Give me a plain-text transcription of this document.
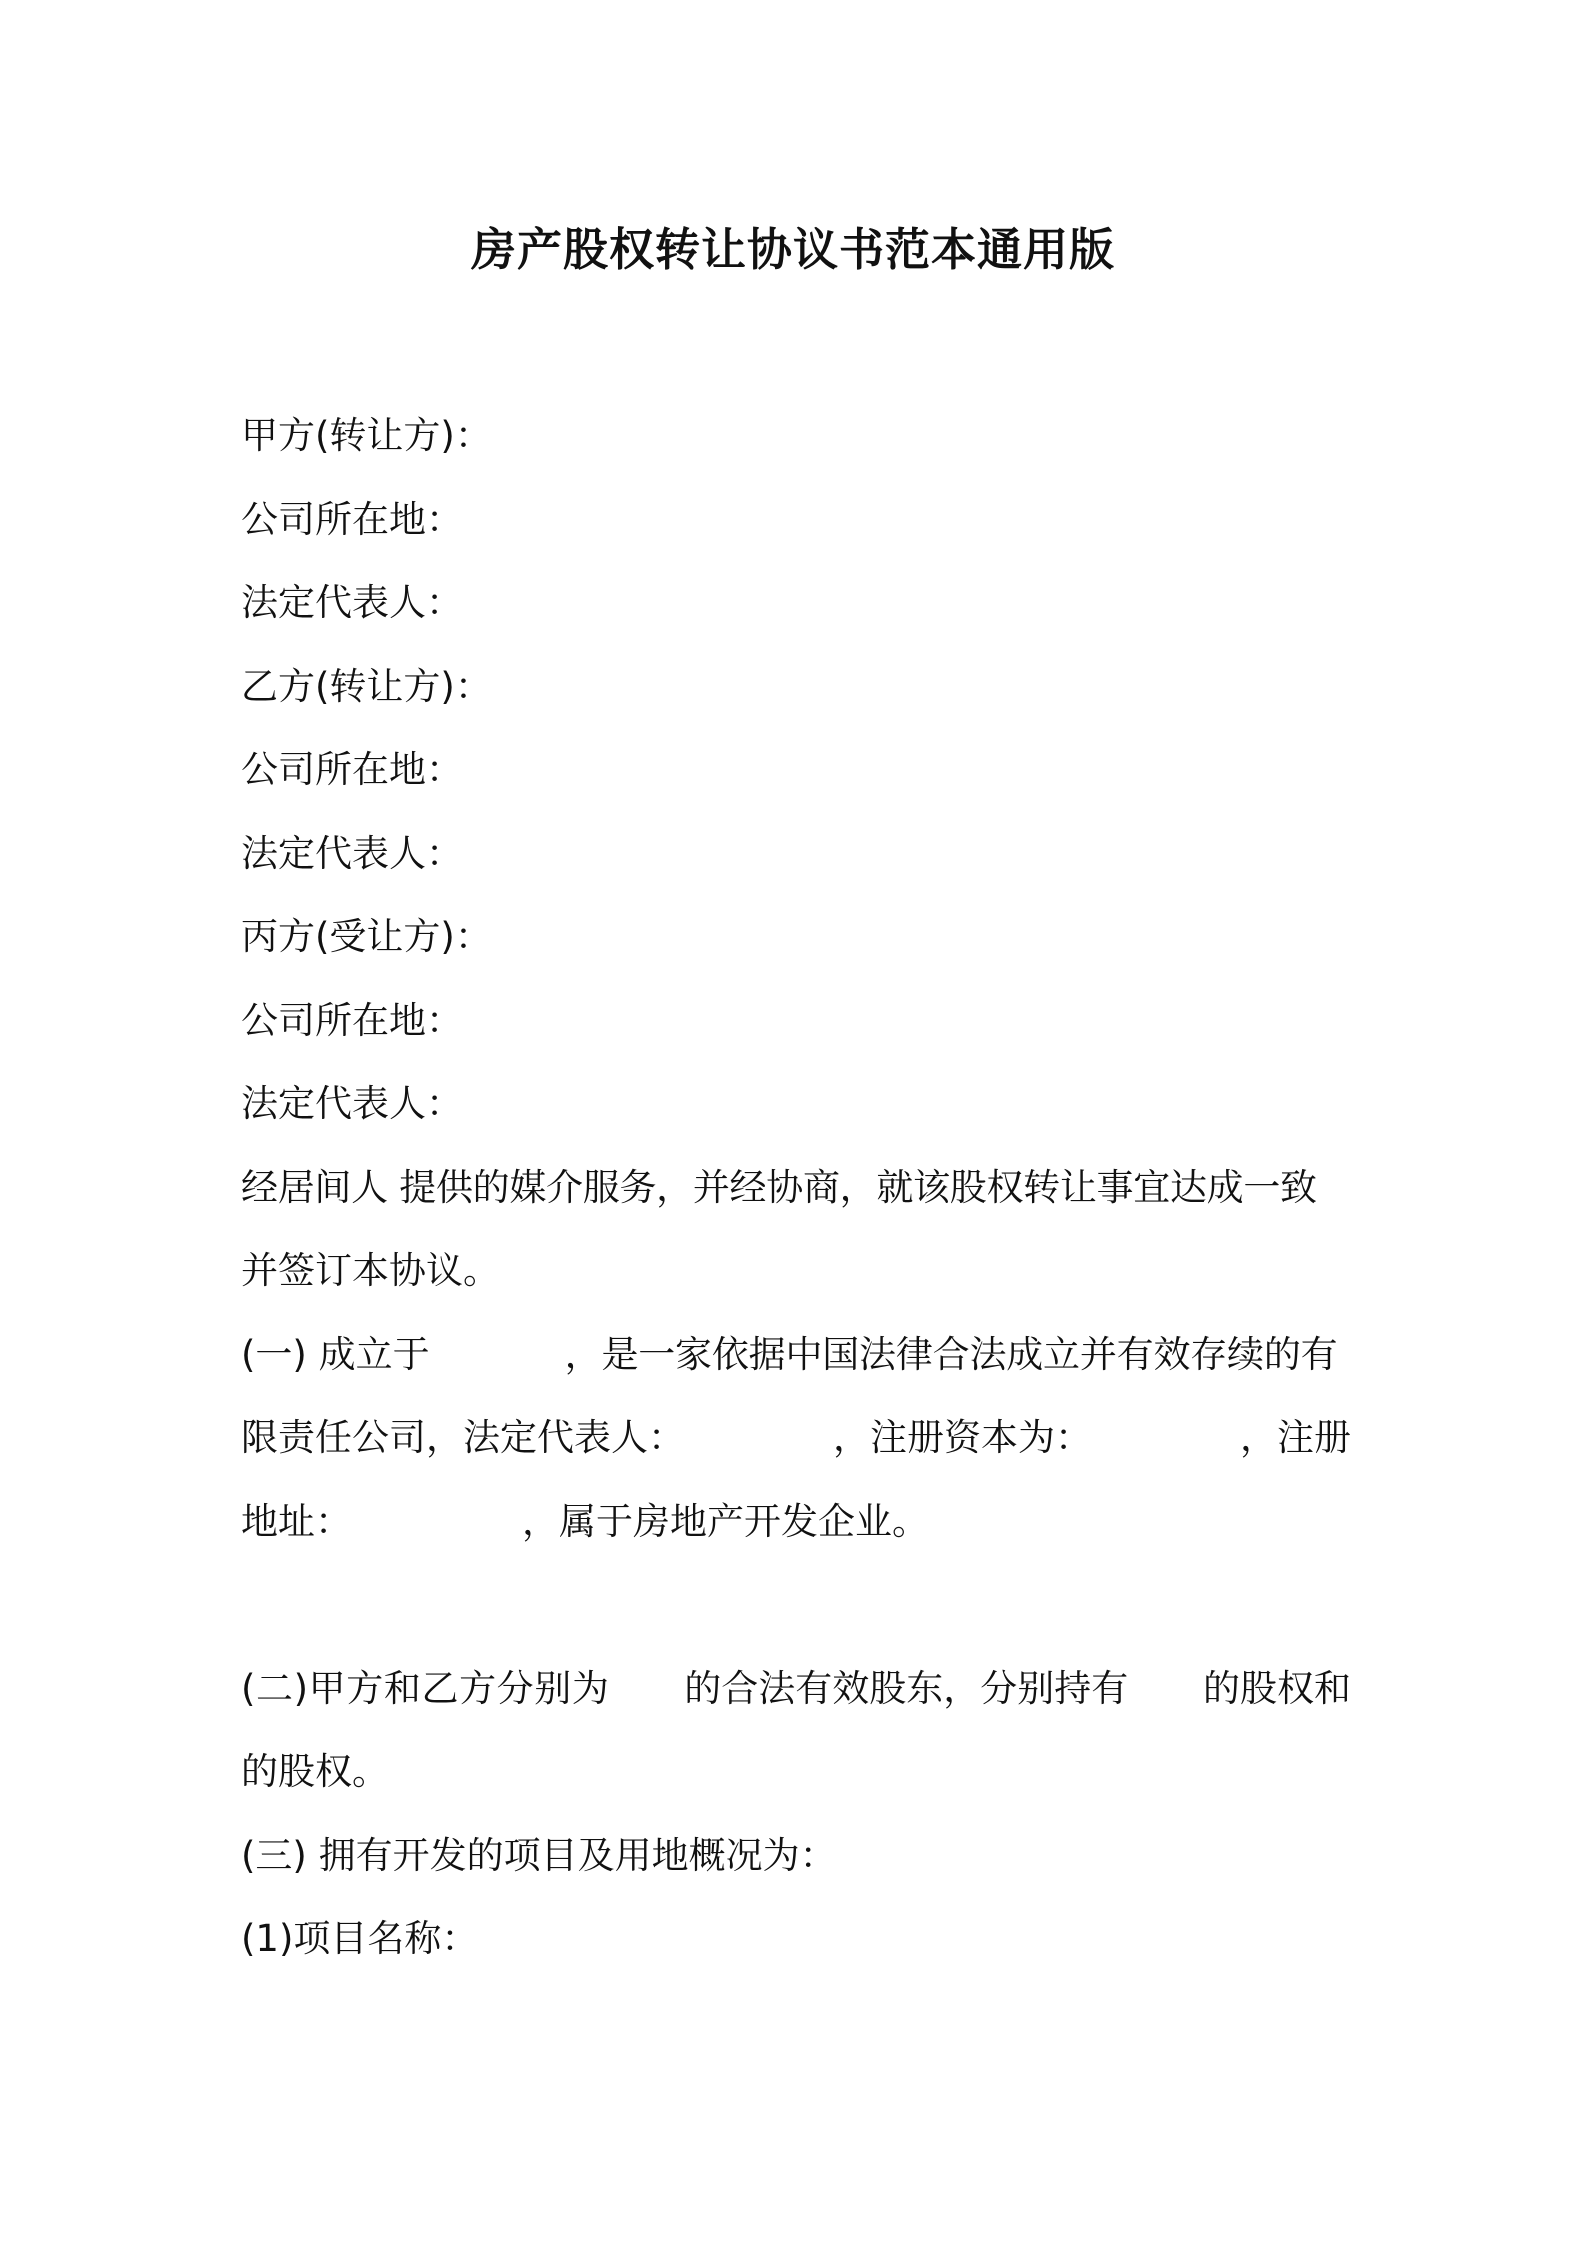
房产股权转让协议书范本通用版
甲方(转让方)：
公司所在地：
法定代表人：
乙方(转让方)：
公司所在地：
法定代表人：
丙方(受让方)：
公司所在地：
法定代表人：
经居间人 提供的媒介服务，并经协商，就该股权转让事宜达成一致
并签订本协议。
(一) 成立于	，是一家依据中国法律合法成立并有效存续的有
限责任公司，法定代表人：	，注册资本为：	，注册
地址：	，属于房地产开发企业。
(二)甲方和乙方分别为 的合法有效股东，分别持有 的股权和
的股权。
(三) 拥有开发的项目及用地概况为：
(1)项目名称：
